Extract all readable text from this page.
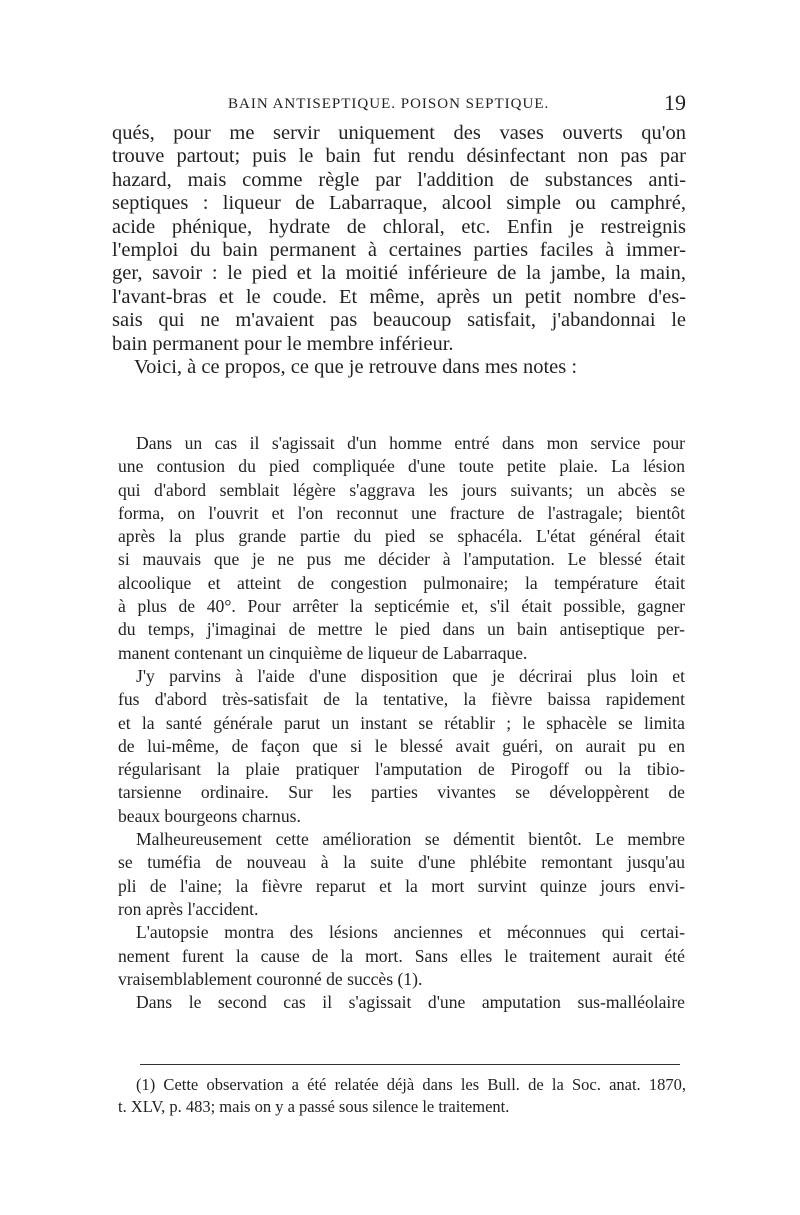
BAIN ANTISEPTIQUE. POISON SEPTIQUE.	19
qués, pour me servir uniquement des vases ouverts qu'on
trouve partout; puis le bain fut rendu désinfectant non pas par
hazard, mais comme règle par l'addition de substances anti-
septiques : liqueur de Labarraque, alcool simple ou camphré,
acide phénique, hydrate de chloral, etc. Enfin je restreignis
l'emploi du bain permanent à certaines parties faciles à immer-
ger, savoir : le pied et la moitié inférieure de la jambe, la main,
l'avant-bras et le coude. Et même, après un petit nombre d'es-
sais qui ne m'avaient pas beaucoup satisfait, j'abandonnai le
bain permanent pour le membre inférieur.
Voici, à ce propos, ce que je retrouve dans mes notes :
Dans un cas il s'agissait d'un homme entré dans mon service pour
une contusion du pied compliquée d'une toute petite plaie. La lésion
qui d'abord semblait légère s'aggrava les jours suivants; un abcès se
forma, on l'ouvrit et l'on reconnut une fracture de l'astragale; bientôt
après la plus grande partie du pied se sphacéla. L'état général était
si mauvais que je ne pus me décider à l'amputation. Le blessé était
alcoolique et atteint de congestion pulmonaire; la température était
à plus de 40°. Pour arrêter la septicémie et, s'il était possible, gagner
du temps, j'imaginai de mettre le pied dans un bain antiseptique per-
manent contenant un cinquième de liqueur de Labarraque.
J'y parvins à l'aide d'une disposition que je décrirai plus loin et
fus d'abord très-satisfait de la tentative, la fièvre baissa rapidement
et la santé générale parut un instant se rétablir ; le sphacèle se limita
de lui-même, de façon que si le blessé avait guéri, on aurait pu en
régularisant la plaie pratiquer l'amputation de Pirogoff ou la tibio-
tarsienne ordinaire. Sur les parties vivantes se développèrent de
beaux bourgeons charnus.
Malheureusement cette amélioration se démentit bientôt. Le membre
se tuméfia de nouveau à la suite d'une phlébite remontant jusqu'au
pli de l'aine; la fièvre reparut et la mort survint quinze jours envi-
ron après l'accident.
L'autopsie montra des lésions anciennes et méconnues qui certai-
nement furent la cause de la mort. Sans elles le traitement aurait été
vraisemblablement couronné de succès (1).
Dans le second cas il s'agissait d'une amputation sus-malléolaire
(1) Cette observation a été relatée déjà dans les Bull. de la Soc. anat. 1870,
t. XLV, p. 483; mais on y a passé sous silence le traitement.
